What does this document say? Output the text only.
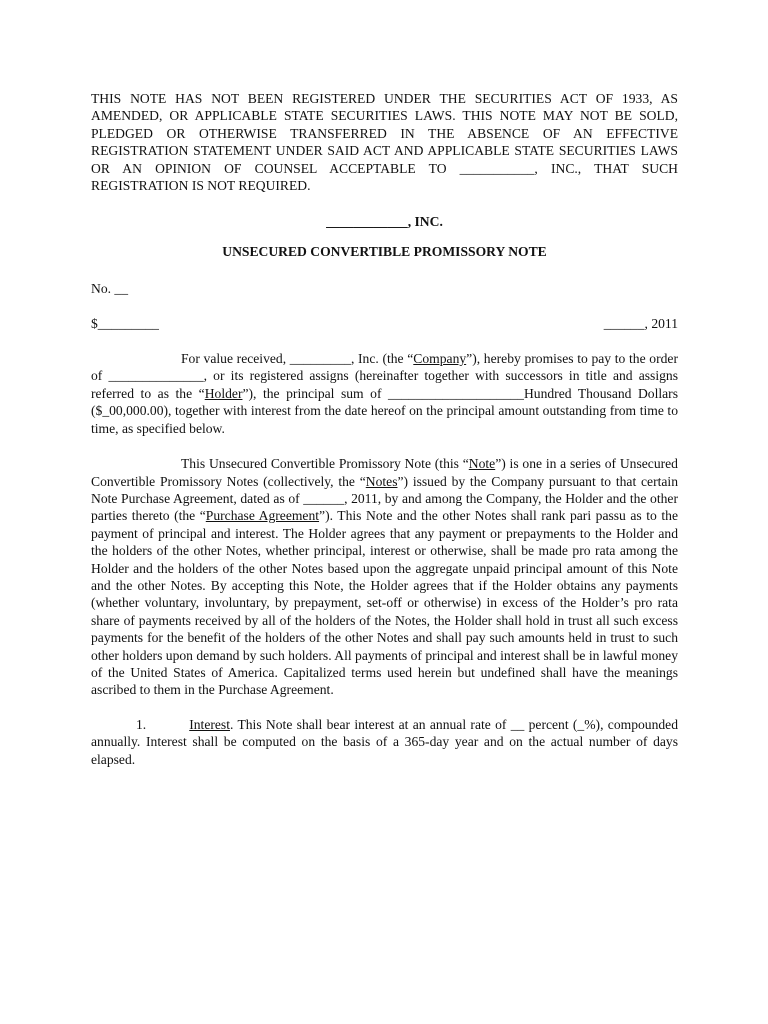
THIS NOTE HAS NOT BEEN REGISTERED UNDER THE SECURITIES ACT OF 1933, AS AMENDED, OR APPLICABLE STATE SECURITIES LAWS. THIS NOTE MAY NOT BE SOLD, PLEDGED OR OTHERWISE TRANSFERRED IN THE ABSENCE OF AN EFFECTIVE REGISTRATION STATEMENT UNDER SAID ACT AND APPLICABLE STATE SECURITIES LAWS OR AN OPINION OF COUNSEL ACCEPTABLE TO ___________, INC., THAT SUCH REGISTRATION IS NOT REQUIRED.

____________, INC.

UNSECURED CONVERTIBLE PROMISSORY NOTE

No. __

$_________	______, 2011

For value received, _________, Inc. (the “Company”), hereby promises to pay to the order of ______________, or its registered assigns (hereinafter together with successors in title and assigns referred to as the “Holder”), the principal sum of ____________________Hundred Thousand Dollars ($_00,000.00), together with interest from the date hereof on the principal amount outstanding from time to time, as specified below.

This Unsecured Convertible Promissory Note (this “Note”) is one in a series of Unsecured Convertible Promissory Notes (collectively, the “Notes”) issued by the Company pursuant to that certain Note Purchase Agreement, dated as of ______, 2011, by and among the Company, the Holder and the other parties thereto (the “Purchase Agreement”). This Note and the other Notes shall rank pari passu as to the payment of principal and interest. The Holder agrees that any payment or prepayments to the Holder and the holders of the other Notes, whether principal, interest or otherwise, shall be made pro rata among the Holder and the holders of the other Notes based upon the aggregate unpaid principal amount of this Note and the other Notes. By accepting this Note, the Holder agrees that if the Holder obtains any payments (whether voluntary, involuntary, by prepayment, set-off or otherwise) in excess of the Holder’s pro rata share of payments received by all of the holders of the Notes, the Holder shall hold in trust all such excess payments for the benefit of the holders of the other Notes and shall pay such amounts held in trust to such other holders upon demand by such holders. All payments of principal and interest shall be in lawful money of the United States of America. Capitalized terms used herein but undefined shall have the meanings ascribed to them in the Purchase Agreement.

1.	Interest. This Note shall bear interest at an annual rate of __ percent (_%), compounded annually. Interest shall be computed on the basis of a 365-day year and on the actual number of days elapsed.
